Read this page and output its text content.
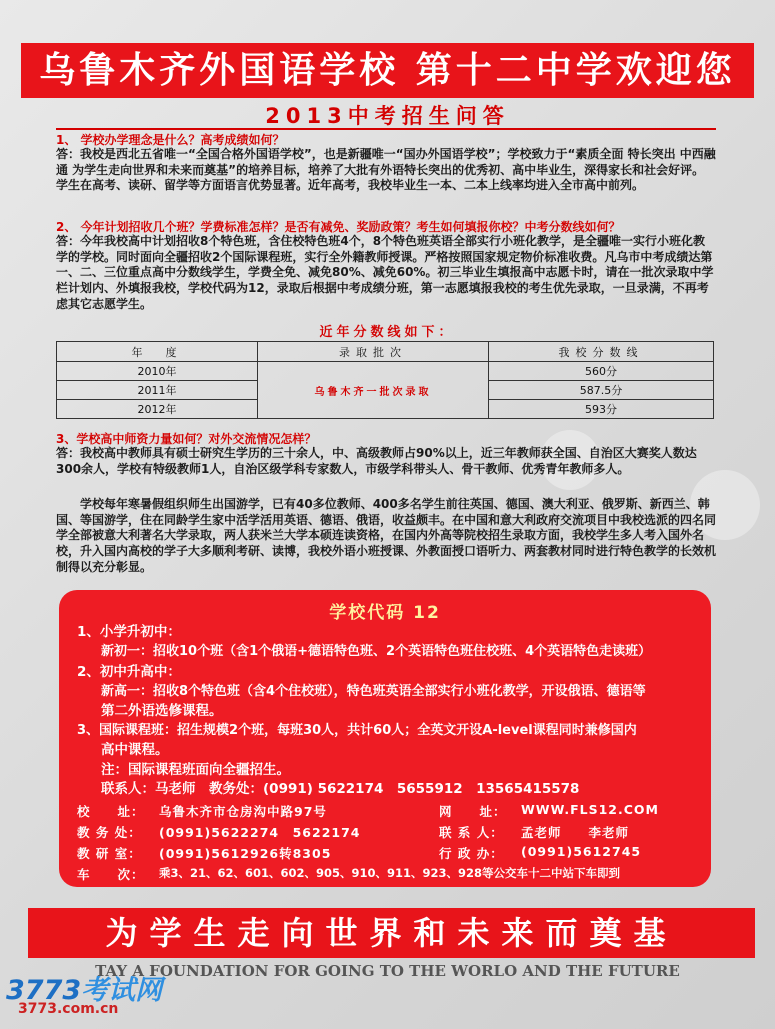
乌鲁木齐外国语学校 第十二中学欢迎您
2013中考招生问答
1、 学校办学理念是什么？高考成绩如何？
答：我校是西北五省唯一“全国合格外国语学校”，也是新疆唯一“国办外国语学校”；学校致力于“素质全面 特长突出 中西融通 为学生走向世界和未来而奠基”的培养目标，培养了大批有外语特长突出的优秀初、高中毕业生，深得家长和社会好评。学生在高考、读研、留学等方面语言优势显著。近年高考，我校毕业生一本、二本上线率均进入全市高中前列。
2、 今年计划招收几个班？学费标准怎样？是否有减免、奖励政策？考生如何填报你校？中考分数线如何？
答：今年我校高中计划招收8个特色班，含住校特色班4个，8个特色班英语全部实行小班化教学，是全疆唯一实行小班化教学的学校。同时面向全疆招收2个国际课程班，实行全外籍教师授课。严格按照国家规定物价标准收费。凡乌市中考成绩达第一、二、三位重点高中分数线学生，学费全免、减免80%、减免60%。初三毕业生填报高中志愿卡时，请在一批次录取中学栏计划内、外填报我校，学校代码为12，录取后根据中考成绩分班，第一志愿填报我校的考生优先录取，一旦录满，不再考虑其它志愿学生。
近年分数线如下：
年　度	录取批次	我校分数线
2010年	乌鲁木齐一批次录取	560分
2011年		587.5分
2012年		593分
3、学校高中师资力量如何？对外交流情况怎样？
答：我校高中教师具有硕士研究生学历的三十余人，中、高级教师占90%以上，近三年教师获全国、自治区大赛奖人数达300余人，学校有特级教师1人，自治区级学科专家数人，市级学科带头人、骨干教师、优秀青年教师多人。
学校每年寒暑假组织师生出国游学，已有40多位教师、400多名学生前往英国、德国、澳大利亚、俄罗斯、新西兰、韩国、等国游学，住在同龄学生家中活学活用英语、德语、俄语，收益颇丰。在中国和意大利政府交流项目中我校选派的四名同学全部被意大利著名大学录取，两人获米兰大学本硕连读资格，在国内外高等院校招生录取方面，我校学生多人考入国外名校，升入国内高校的学子大多顺利考研、读博，我校外语小班授课、外教面授口语听力、两套教材同时进行特色教学的长效机制得以充分彰显。
学校代码 12
1、小学升初中：
新初一：招收10个班（含1个俄语+德语特色班、2个英语特色班住校班、4个英语特色走读班）
2、初中升高中：
新高一：招收8个特色班（含4个住校班），特色班英语全部实行小班化教学，开设俄语、德语等
第二外语选修课程。
3、国际课程班：招生规模2个班，每班30人，共计60人；全英文开设A-level课程同时兼修国内
高中课程。
注：国际课程班面向全疆招生。
联系人：马老师　教务处：(0991) 5622174　5655912　13565415578
校　　址： 乌鲁木齐市仓房沟中路97号	网　　址： WWW.FLS12.COM
教 务 处： (0991)5622274　5622174	联 系 人： 孟老师　　李老师
教 研 室： (0991)5612926转8305	行 政 办： (0991)5612745
车　　次： 乘3、21、62、601、602、905、910、911、923、928等公交车十二中站下车即到
为学生走向世界和未来而奠基
TAY A FOUNDATION FOR GOING TO THE WORLO AND THE FUTURE
3773考试网
3773.com.cn
